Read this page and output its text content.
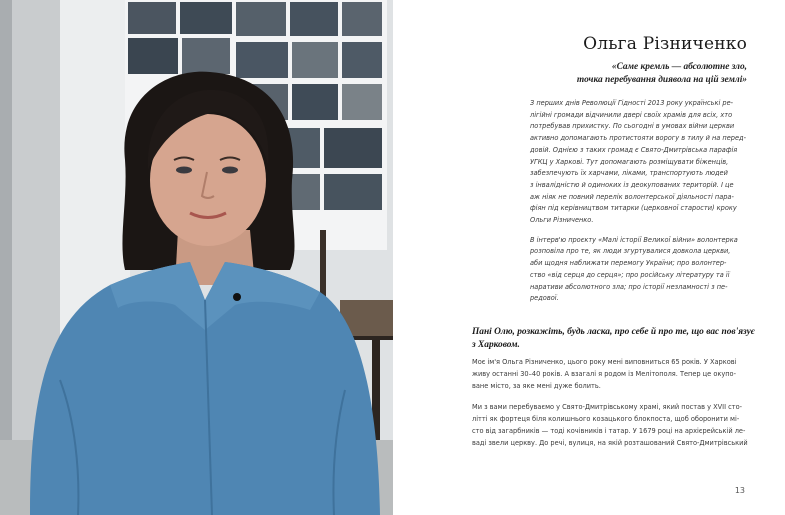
Ольга Різниченко
«Саме кремль — абсолютне зло,
точка перебування диявола на цій землі»
З перших днів Революції Гідності 2013 року українські ре-
лігійні громади відчинили двері своїх храмів для всіх, хто
потребував прихистку. По сьогодні в умовах війни церкви
активно допомагають протистояти ворогу в тилу й на перед-
довій. Однією з таких громад є Свято-Дмитрівська парафія
УГКЦ у Харкові. Тут допомагають розміщувати біженців,
забезпечують їх харчами, ліками, транспортують людей
з інвалідністю й одиноких із деокупованих територій. І це
аж ніяк не повний перелік волонтерської діяльності пара-
фіян під керівництвом титарки (церковної старости) кроку
Ольги Різниченко.
В інтерв'ю проєкту «Малі історії Великої війни» волонтерка
розповіла про те, як люди згуртувалися довкола церкви,
аби щодня наближати перемогу України; про волонтер-
ство «від серця до серця»; про російську літературу та її
наративи абсолютного зла; про історії незламності з пе-
редової.
Пані Олю, розкажіть, будь ласка, про себе й про те, що вас пов'язує
з Харковом.
Моє ім'я Ольга Різниченко, цього року мені виповниться 65 років. У Харкові
живу останні 30–40 років. А взагалі я родом із Мелітополя. Тепер це окупо-
ване місто, за яке мені дуже болить.
Ми з вами перебуваємо у Свято-Дмитрівському храмі, який постав у XVII сто-
літті як фортеця біля колишнього козацького блокпоста, щоб оборонити мі-
сто від загарбників — тоді кочівників і татар. У 1679 році на архієрейській ле-
ваді звели церкву. До речі, вулиця, на якій розташований Свято-Дмитрівський
13
